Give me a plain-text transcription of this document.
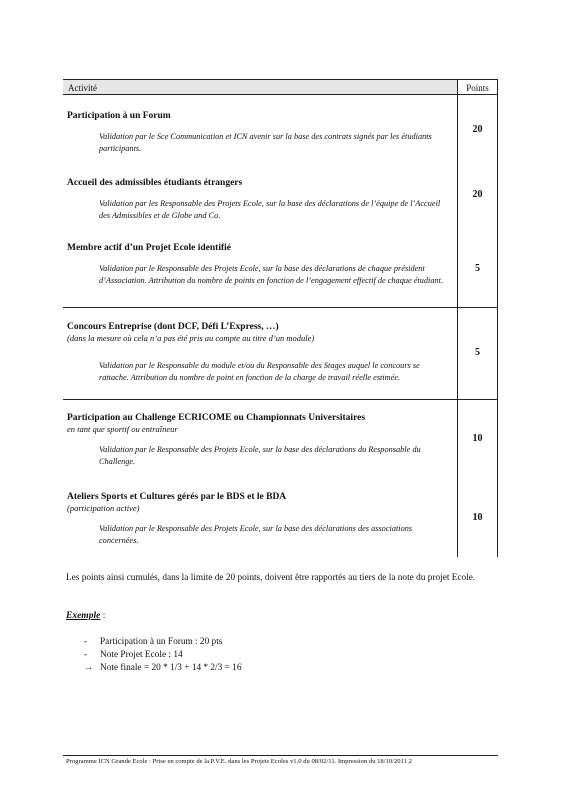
Activité	Points
Participation à un Forum
Validation par le Sce Communication et ICN avenir sur la base des contrats signés par les étudiants participants.
20
Accueil des admissibles étudiants étrangers
Validation par les Responsable des Projets Ecole, sur la base des déclarations de l’équipe de l’Accueil des Admissibles et de Globe and Co.
20
Membre actif d’un Projet Ecole identifié
Validation par le Responsable des Projets Ecole, sur la base des déclarations de chaque président d’Association. Attribution du nombre de points en fonction de l’engagement effectif de chaque étudiant.
5
Concours Entreprise (dont DCF, Défi L’Express, …)
(dans la mesure où cela n’a pas été pris au compte au titre d’un module)
Validation par le Responsable du module et/ou du Responsable des Stages auquel le concours se rattache. Attribution du nombre de point en fonction de la charge de travail réelle estimée.
5
Participation au Challenge ECRICOME ou Championnats Universitaires
en tant que sportif ou entraîneur
Validation par le Responsable des Projets Ecole, sur la base des déclarations du Responsable du Challenge.
10
Ateliers Sports et Cultures gérés par le BDS et le BDA
(participation active)
Validation par le Responsable des Projets Ecole, sur la base des déclarations des associations concernées.
10
Les points ainsi cumulés, dans la limite de 20 points, doivent être rapportés au tiers de la note du projet Ecole.
Exemple :
- Participation à un Forum : 20 pts
- Note Projet Ecole : 14
→ Note finale = 20 * 1/3 + 14 * 2/3 = 16
Programme ICN Grande Ecole : Prise en compte de la P.V.E. dans les Projets Ecoles v1.0 du 08/02/11. Impression du 18/10/2011 2
